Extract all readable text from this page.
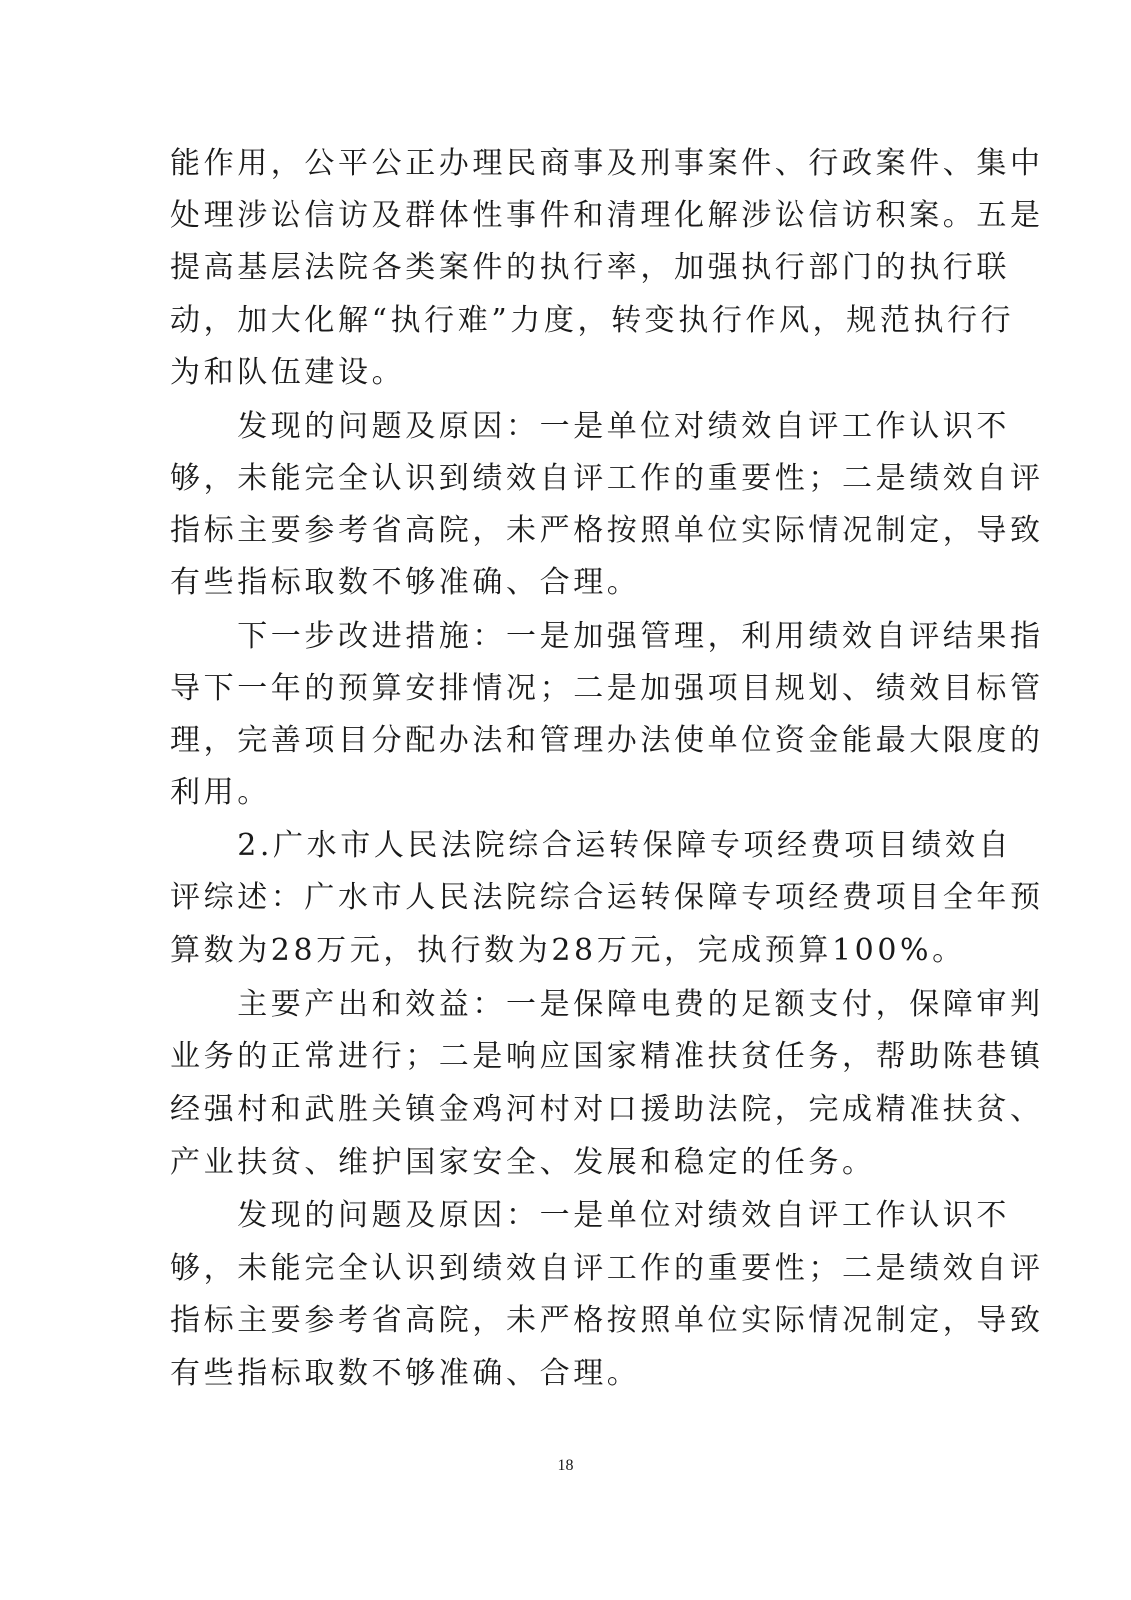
能作用，公平公正办理民商事及刑事案件、行政案件、集中
处理涉讼信访及群体性事件和清理化解涉讼信访积案。五是
提高基层法院各类案件的执行率，加强执行部门的执行联
动，加大化解“执行难”力度，转变执行作风，规范执行行
为和队伍建设。
　　发现的问题及原因：一是单位对绩效自评工作认识不
够，未能完全认识到绩效自评工作的重要性；二是绩效自评
指标主要参考省高院，未严格按照单位实际情况制定，导致
有些指标取数不够准确、合理。
　　下一步改进措施：一是加强管理，利用绩效自评结果指
导下一年的预算安排情况；二是加强项目规划、绩效目标管
理，完善项目分配办法和管理办法使单位资金能最大限度的
利用。
　　2.广水市人民法院综合运转保障专项经费项目绩效自
评综述：广水市人民法院综合运转保障专项经费项目全年预
算数为28万元，执行数为28万元，完成预算100%。
　　主要产出和效益：一是保障电费的足额支付，保障审判
业务的正常进行；二是响应国家精准扶贫任务，帮助陈巷镇
经强村和武胜关镇金鸡河村对口援助法院，完成精准扶贫、
产业扶贫、维护国家安全、发展和稳定的任务。
　　发现的问题及原因：一是单位对绩效自评工作认识不
够，未能完全认识到绩效自评工作的重要性；二是绩效自评
指标主要参考省高院，未严格按照单位实际情况制定，导致
有些指标取数不够准确、合理。
18
